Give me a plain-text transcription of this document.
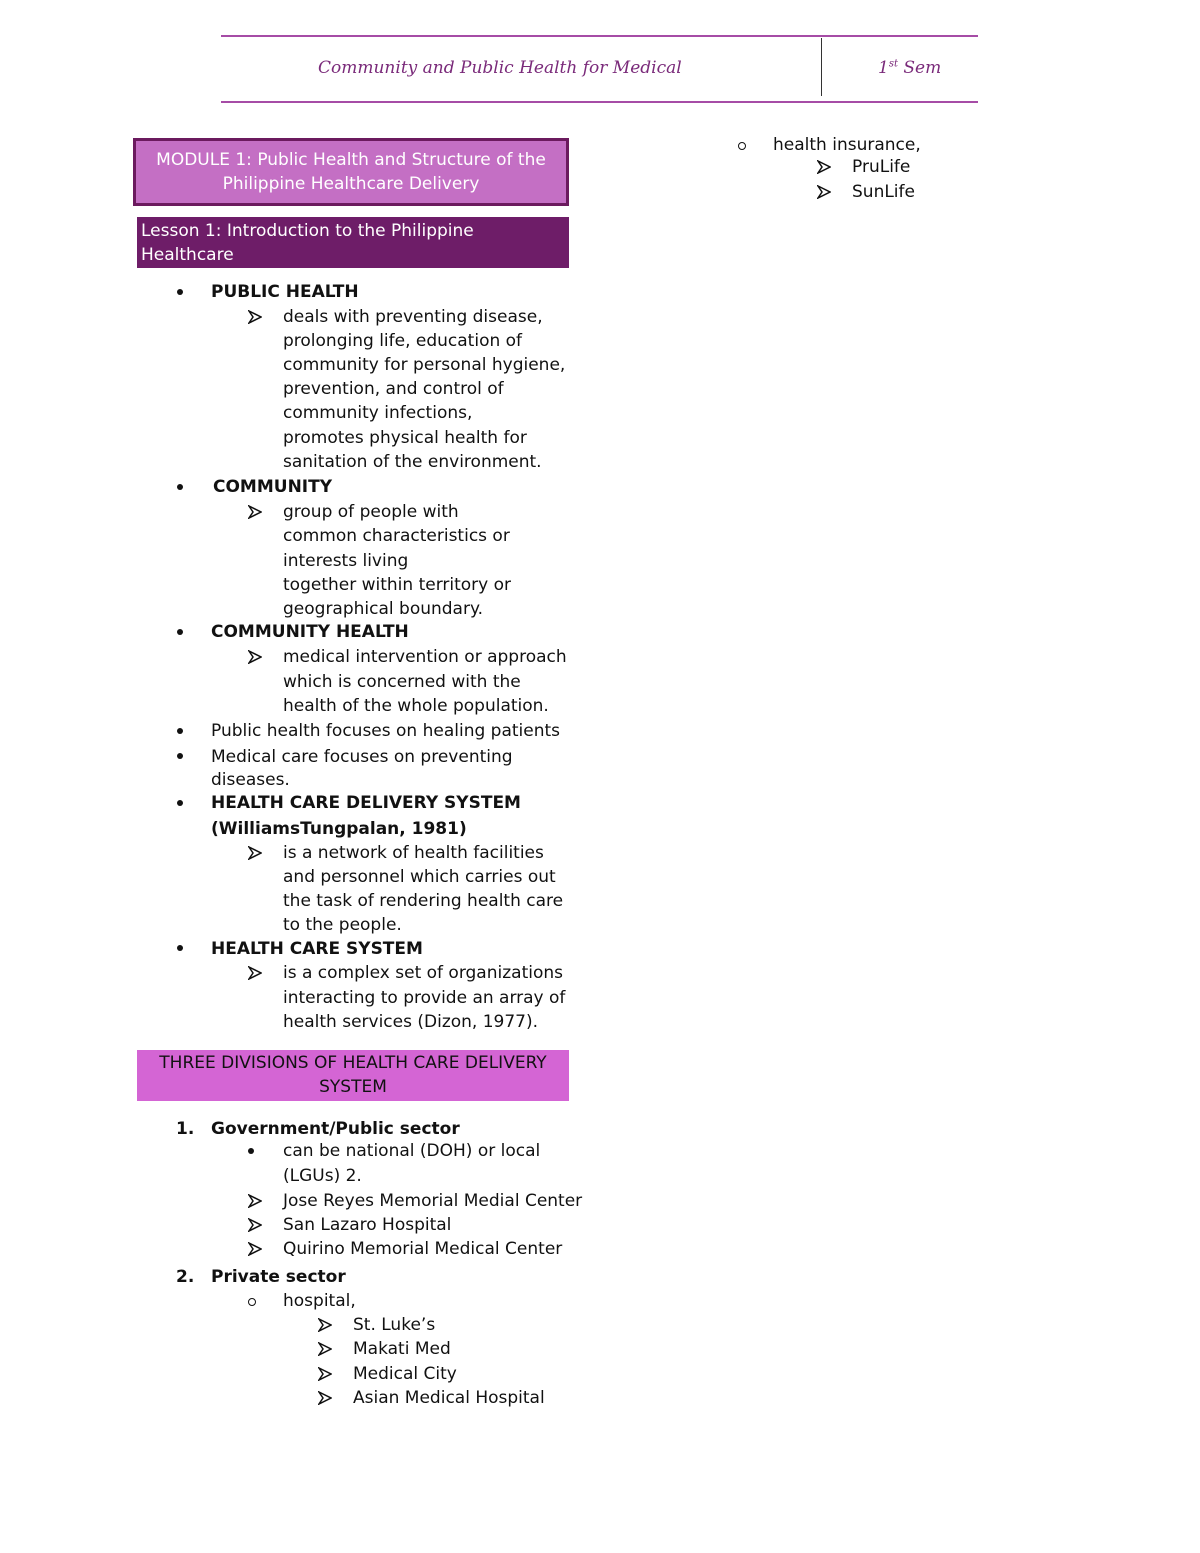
Community and Public Health for Medical	1st Sem
MODULE 1: Public Health and Structure of the
Philippine Healthcare Delivery
Lesson 1: Introduction to the Philippine Healthcare
Delivery System
PUBLIC HEALTH
deals with preventing disease,
prolonging life, education of
community for personal hygiene,
prevention, and control of
community infections,
promotes physical health for
sanitation of the environment.
COMMUNITY
group of people with
common characteristics or
interests living
together within territory or
geographical boundary.
COMMUNITY HEALTH
medical intervention or approach
which is concerned with the
health of the whole population.
Public health focuses on healing patients
Medical care focuses on preventing
diseases.
HEALTH CARE DELIVERY SYSTEM
(WilliamsTungpalan, 1981)
is a network of health facilities
and personnel which carries out
the task of rendering health care
to the people.
HEALTH CARE SYSTEM
is a complex set of organizations
interacting to provide an array of
health services (Dizon, 1977).
THREE DIVISIONS OF HEALTH CARE DELIVERY
SYSTEM
1. Government/Public sector
can be national (DOH) or local
(LGUs) 2.
Jose Reyes Memorial Medial Center
San Lazaro Hospital
Quirino Memorial Medical Center
2. Private sector
hospital,
St. Luke’s
Makati Med
Medical City
Asian Medical Hospital
health insurance,
PruLife
SunLife
